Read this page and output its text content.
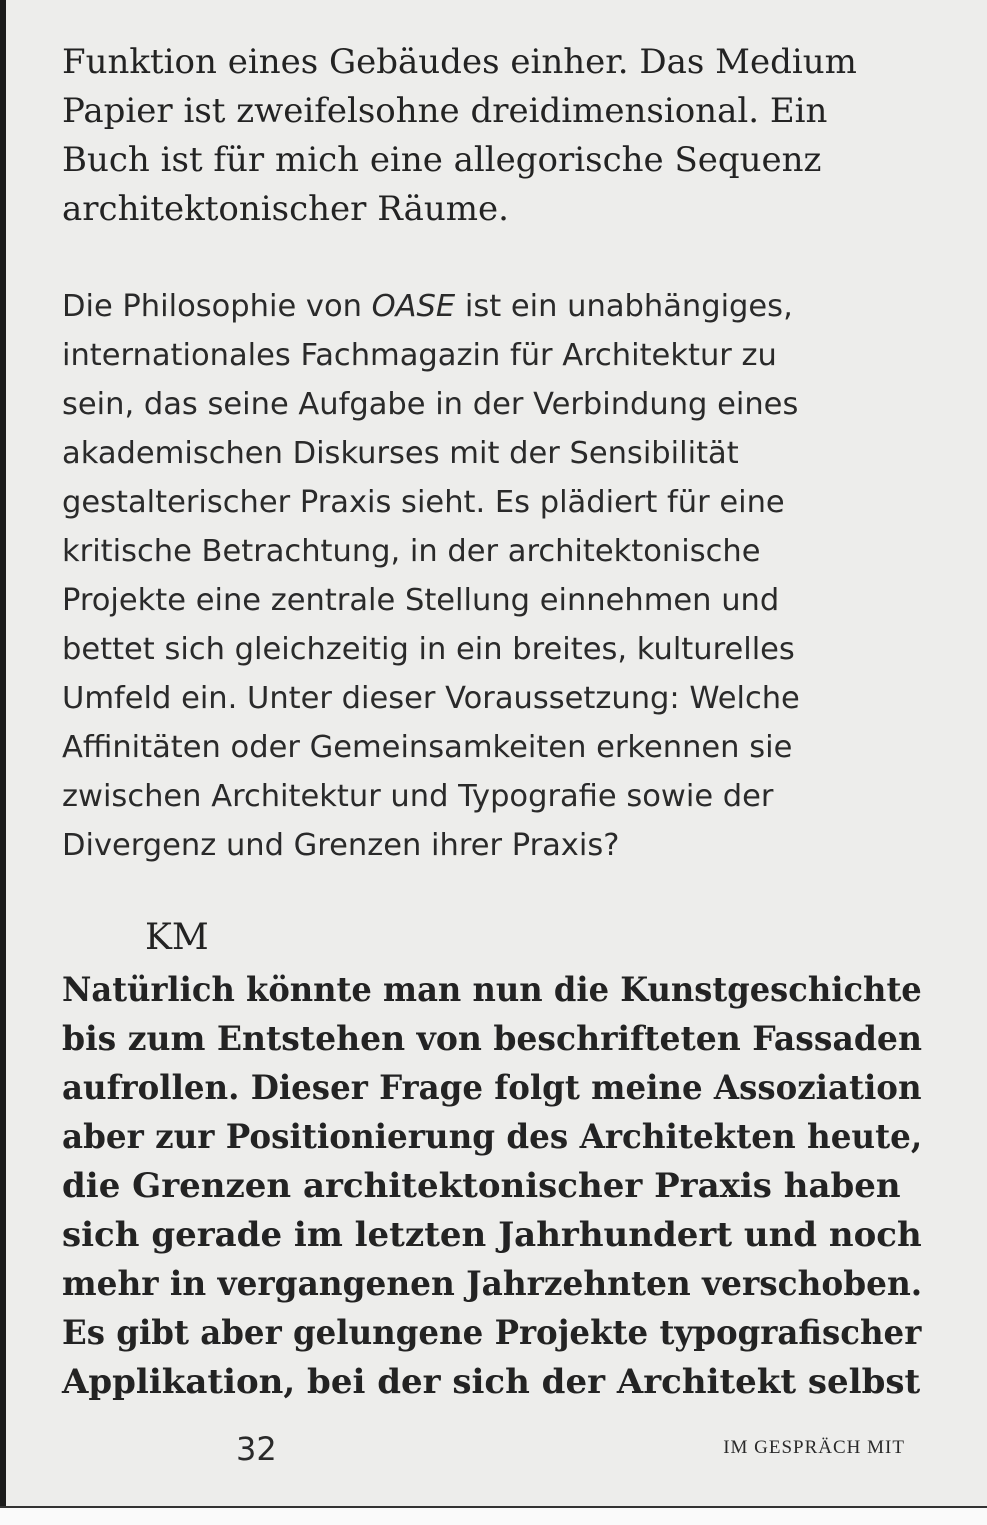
Funktion eines Gebäudes einher. Das Medium
Papier ist zweifelsohne dreidimensional. Ein
Buch ist für mich eine allegorische Sequenz
architektonischer Räume.

Die Philosophie von OASE ist ein unabhängiges,
internationales Fachmagazin für Architektur zu
sein, das seine Aufgabe in der Verbindung eines
akademischen Diskurses mit der Sensibilität
gestalterischer Praxis sieht. Es plädiert für eine
kritische Betrachtung, in der architektonische
Projekte eine zentrale Stellung einnehmen und
bettet sich gleichzeitig in ein breites, kulturelles
Umfeld ein. Unter dieser Voraussetzung: Welche
Affinitäten oder Gemeinsamkeiten erkennen sie
zwischen Architektur und Typografie sowie der
Divergenz und Grenzen ihrer Praxis?

KM

Natürlich könnte man nun die Kunstgeschichte
bis zum Entstehen von beschrifteten Fassaden
aufrollen. Dieser Frage folgt meine Assoziation
aber zur Positionierung des Architekten heute,

die Grenzen architektonischer Praxis haben
sich gerade im letzten Jahrhundert und noch
mehr in vergangenen Jahrzehnten verschoben.
Es gibt aber gelungene Projekte typografischer

Applikation, bei der sich der Architekt selbst

32	IM GESPRÄCH MIT
